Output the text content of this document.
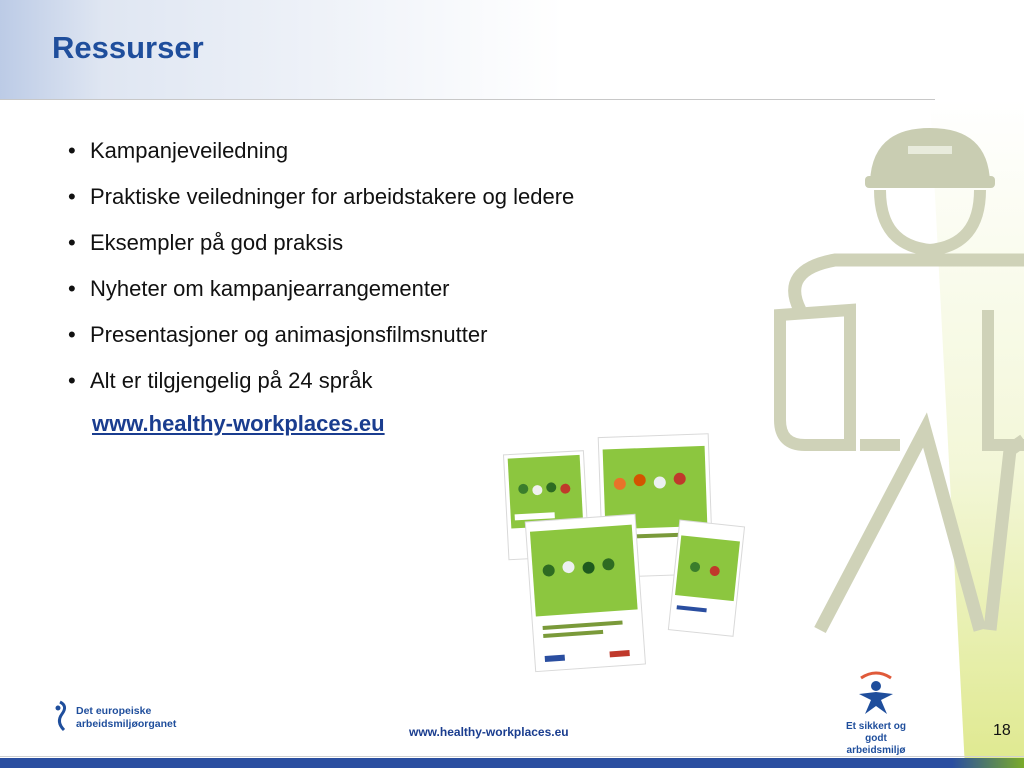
Ressurser
• Kampanjeveiledning
• Praktiske veiledninger for arbeidstakere og ledere
• Eksempler på god praksis
• Nyheter om kampanjearrangementer
• Presentasjoner og animasjonsfilmsnutter
• Alt er tilgjengelig på 24 språk
www.healthy-workplaces.eu
Det europeiske
arbeidsmiljøorganet
www.healthy-workplaces.eu	Et sikkert og godt
arbeidsmiljø
18
